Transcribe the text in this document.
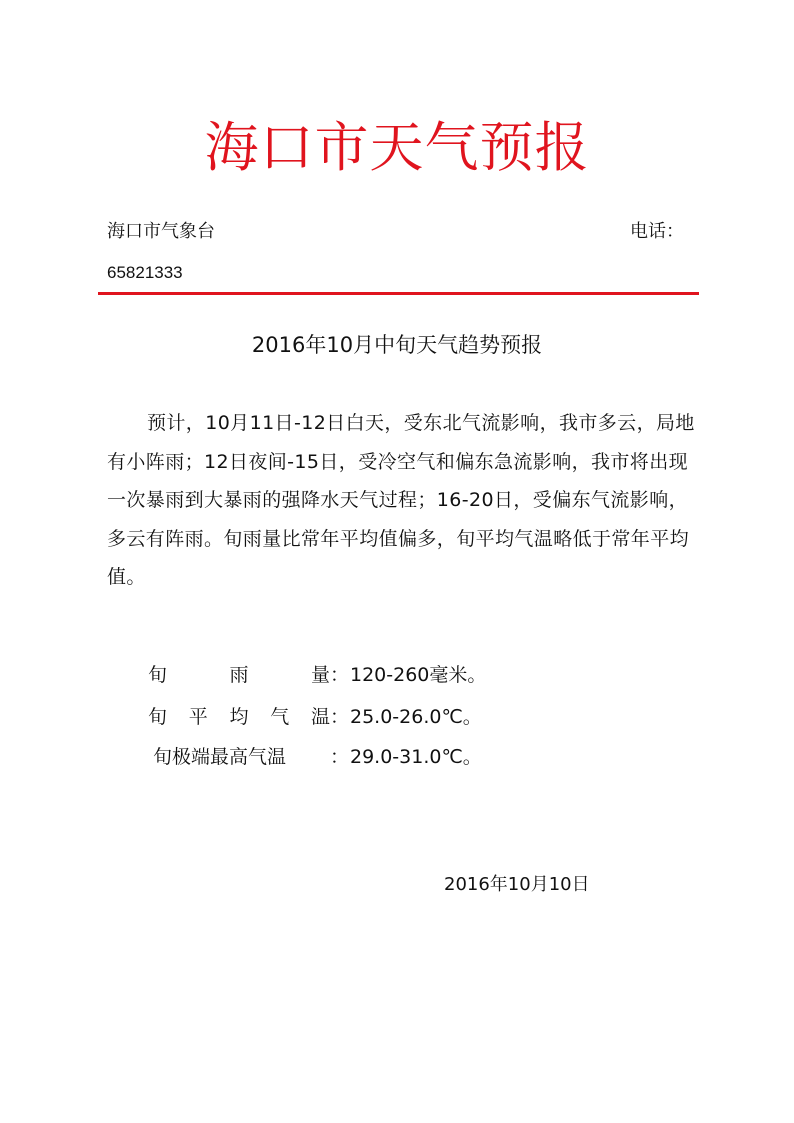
海口市天气预报
海口市气象台	电话：
65821333
2016年10月中旬天气趋势预报

预计，10月11日-12日白天，受东北气流影响，我市多云，局地有小阵雨；12日夜间-15日，受冷空气和偏东急流影响，我市将出现一次暴雨到大暴雨的强降水天气过程；16-20日，受偏东气流影响，多云有阵雨。旬雨量比常年平均值偏多，旬平均气温略低于常年平均值。

旬雨量：120-260毫米。
旬平均气温：25.0-26.0℃。
旬极端最高气温 ：29.0-31.0℃。
2016年10月10日
